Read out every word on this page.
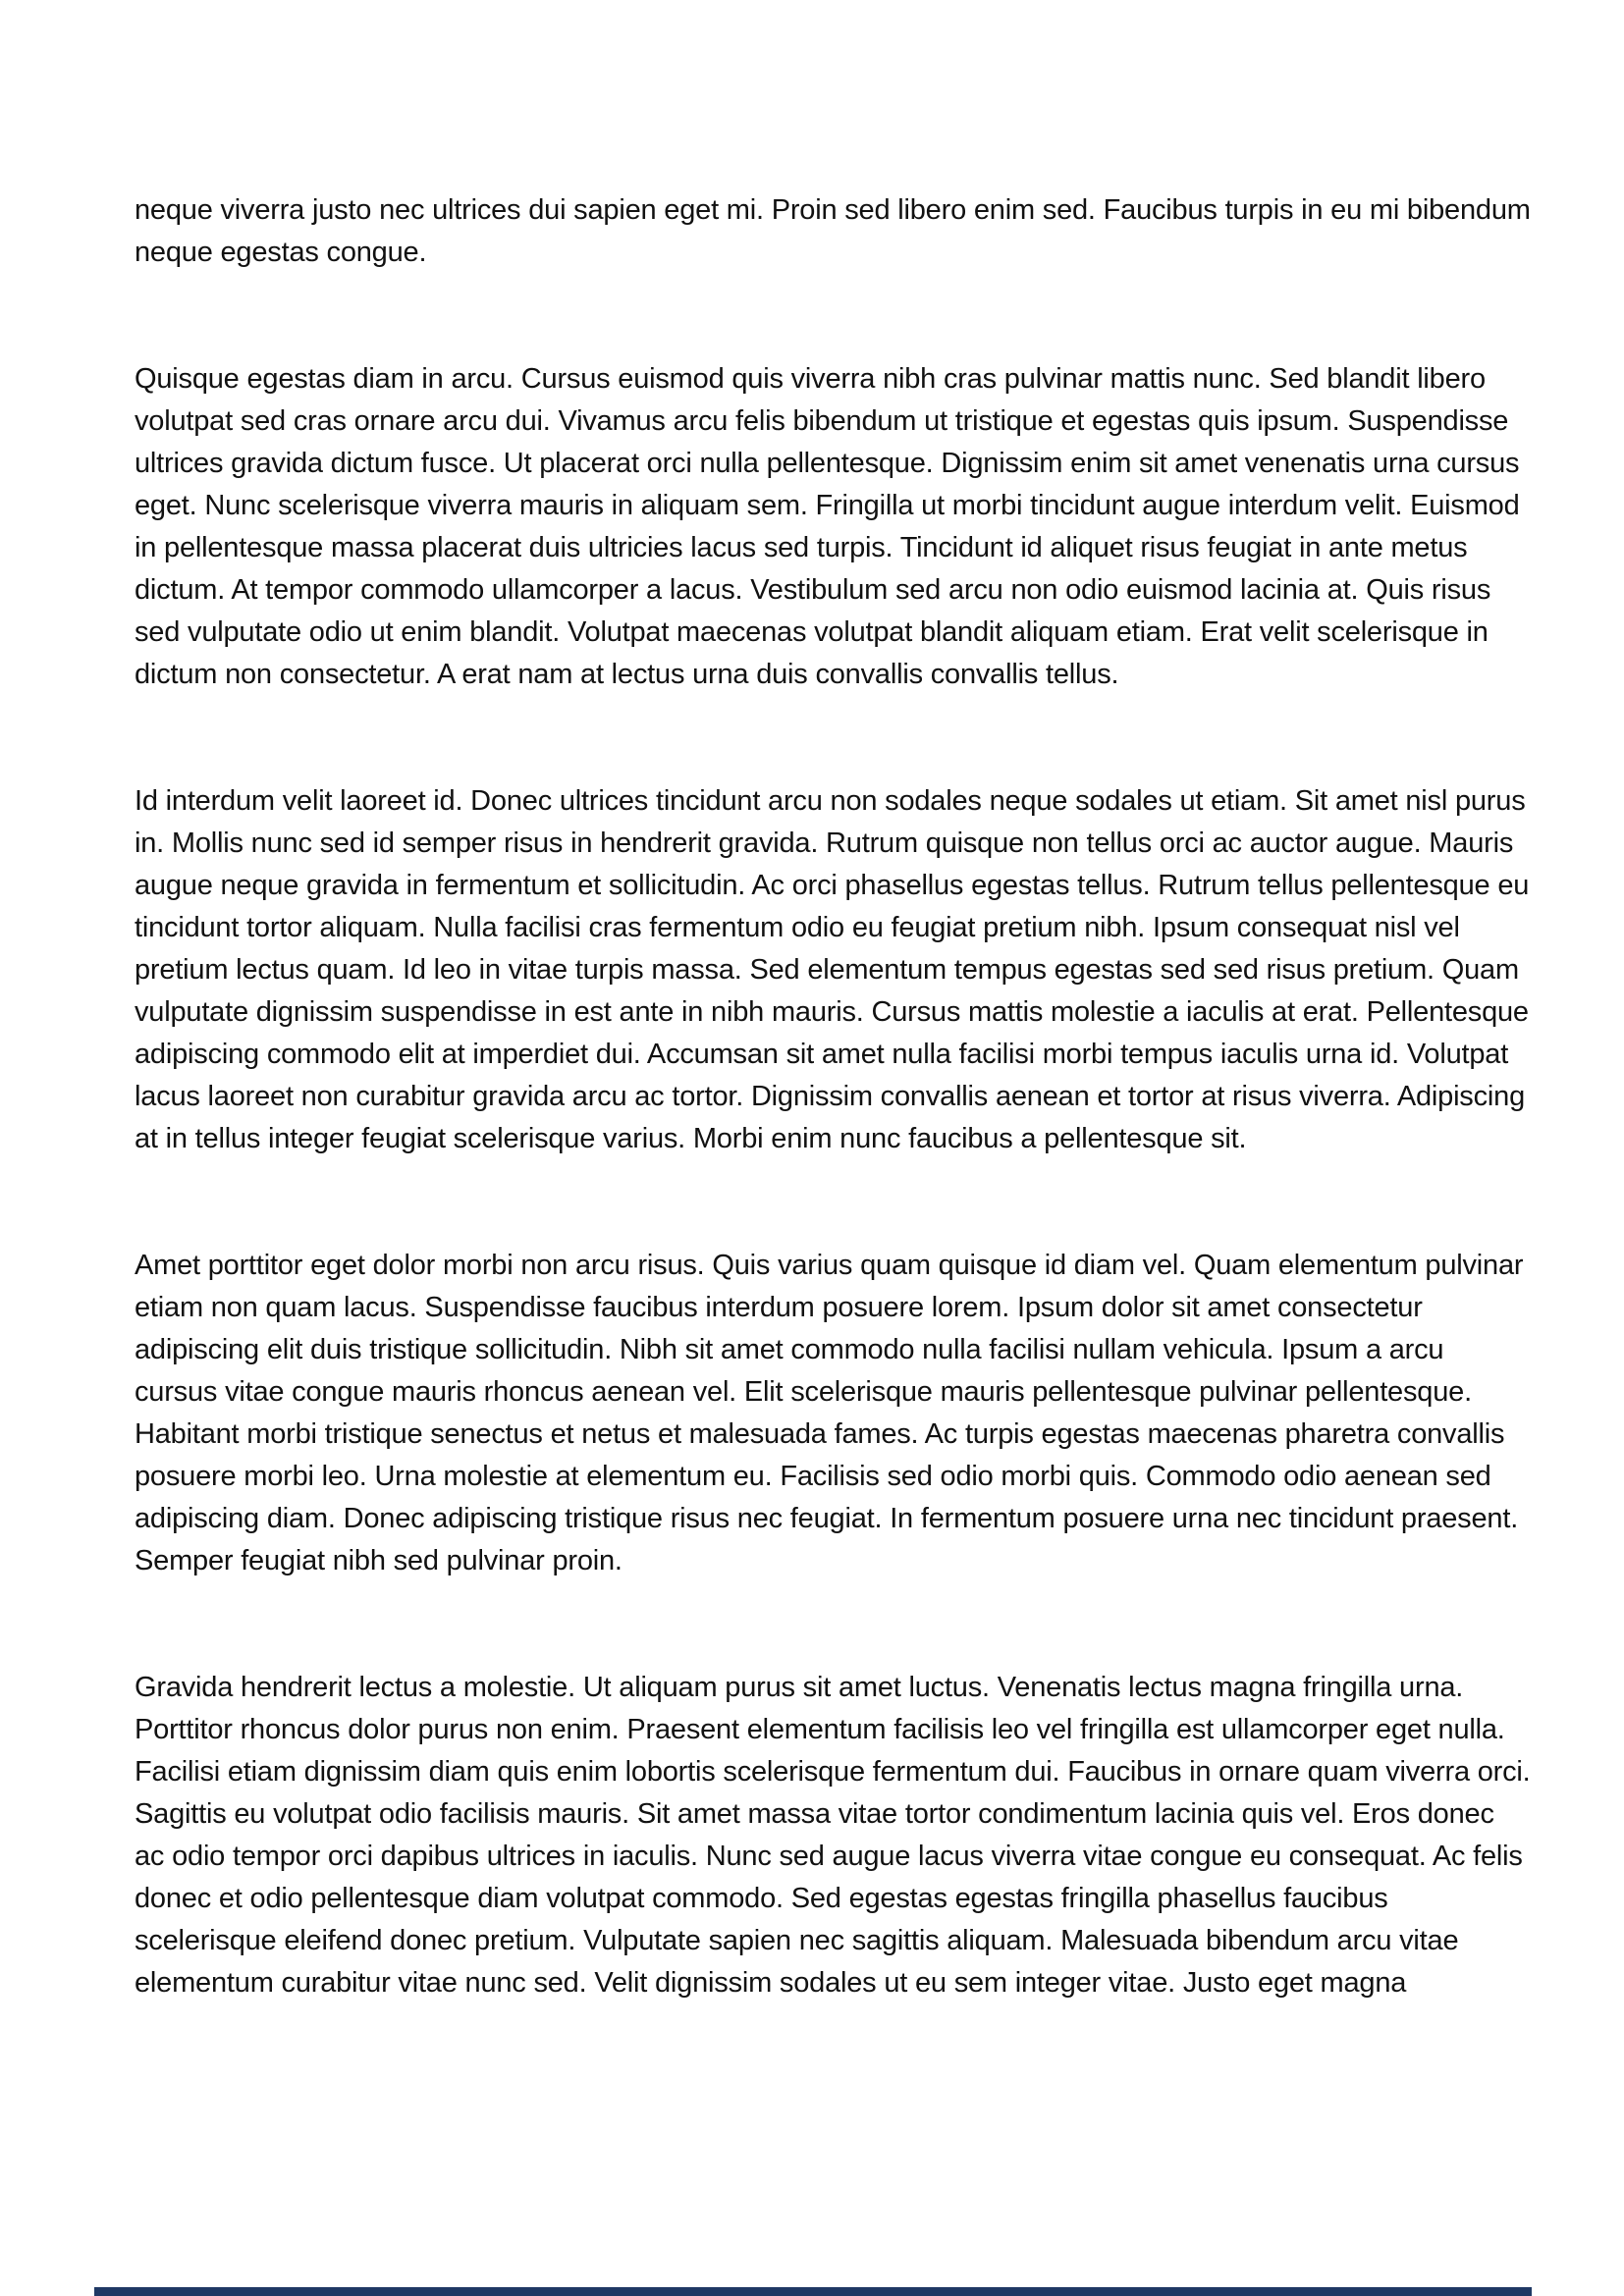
neque viverra justo nec ultrices dui sapien eget mi. Proin sed libero enim sed. Faucibus turpis in eu mi bibendum neque egestas congue.

Quisque egestas diam in arcu. Cursus euismod quis viverra nibh cras pulvinar mattis nunc. Sed blandit libero volutpat sed cras ornare arcu dui. Vivamus arcu felis bibendum ut tristique et egestas quis ipsum. Suspendisse ultrices gravida dictum fusce. Ut placerat orci nulla pellentesque. Dignissim enim sit amet venenatis urna cursus eget. Nunc scelerisque viverra mauris in aliquam sem. Fringilla ut morbi tincidunt augue interdum velit. Euismod in pellentesque massa placerat duis ultricies lacus sed turpis. Tincidunt id aliquet risus feugiat in ante metus dictum. At tempor commodo ullamcorper a lacus. Vestibulum sed arcu non odio euismod lacinia at. Quis risus sed vulputate odio ut enim blandit. Volutpat maecenas volutpat blandit aliquam etiam. Erat velit scelerisque in dictum non consectetur. A erat nam at lectus urna duis convallis convallis tellus.

Id interdum velit laoreet id. Donec ultrices tincidunt arcu non sodales neque sodales ut etiam. Sit amet nisl purus in. Mollis nunc sed id semper risus in hendrerit gravida. Rutrum quisque non tellus orci ac auctor augue. Mauris augue neque gravida in fermentum et sollicitudin. Ac orci phasellus egestas tellus. Rutrum tellus pellentesque eu tincidunt tortor aliquam. Nulla facilisi cras fermentum odio eu feugiat pretium nibh. Ipsum consequat nisl vel pretium lectus quam. Id leo in vitae turpis massa. Sed elementum tempus egestas sed sed risus pretium. Quam vulputate dignissim suspendisse in est ante in nibh mauris. Cursus mattis molestie a iaculis at erat. Pellentesque adipiscing commodo elit at imperdiet dui. Accumsan sit amet nulla facilisi morbi tempus iaculis urna id. Volutpat lacus laoreet non curabitur gravida arcu ac tortor. Dignissim convallis aenean et tortor at risus viverra. Adipiscing at in tellus integer feugiat scelerisque varius. Morbi enim nunc faucibus a pellentesque sit.

Amet porttitor eget dolor morbi non arcu risus. Quis varius quam quisque id diam vel. Quam elementum pulvinar etiam non quam lacus. Suspendisse faucibus interdum posuere lorem. Ipsum dolor sit amet consectetur adipiscing elit duis tristique sollicitudin. Nibh sit amet commodo nulla facilisi nullam vehicula. Ipsum a arcu cursus vitae congue mauris rhoncus aenean vel. Elit scelerisque mauris pellentesque pulvinar pellentesque. Habitant morbi tristique senectus et netus et malesuada fames. Ac turpis egestas maecenas pharetra convallis posuere morbi leo. Urna molestie at elementum eu. Facilisis sed odio morbi quis. Commodo odio aenean sed adipiscing diam. Donec adipiscing tristique risus nec feugiat. In fermentum posuere urna nec tincidunt praesent. Semper feugiat nibh sed pulvinar proin.

Gravida hendrerit lectus a molestie. Ut aliquam purus sit amet luctus. Venenatis lectus magna fringilla urna. Porttitor rhoncus dolor purus non enim. Praesent elementum facilisis leo vel fringilla est ullamcorper eget nulla. Facilisi etiam dignissim diam quis enim lobortis scelerisque fermentum dui. Faucibus in ornare quam viverra orci. Sagittis eu volutpat odio facilisis mauris. Sit amet massa vitae tortor condimentum lacinia quis vel. Eros donec ac odio tempor orci dapibus ultrices in iaculis. Nunc sed augue lacus viverra vitae congue eu consequat. Ac felis donec et odio pellentesque diam volutpat commodo. Sed egestas egestas fringilla phasellus faucibus scelerisque eleifend donec pretium. Vulputate sapien nec sagittis aliquam. Malesuada bibendum arcu vitae elementum curabitur vitae nunc sed. Velit dignissim sodales ut eu sem integer vitae. Justo eget magna
